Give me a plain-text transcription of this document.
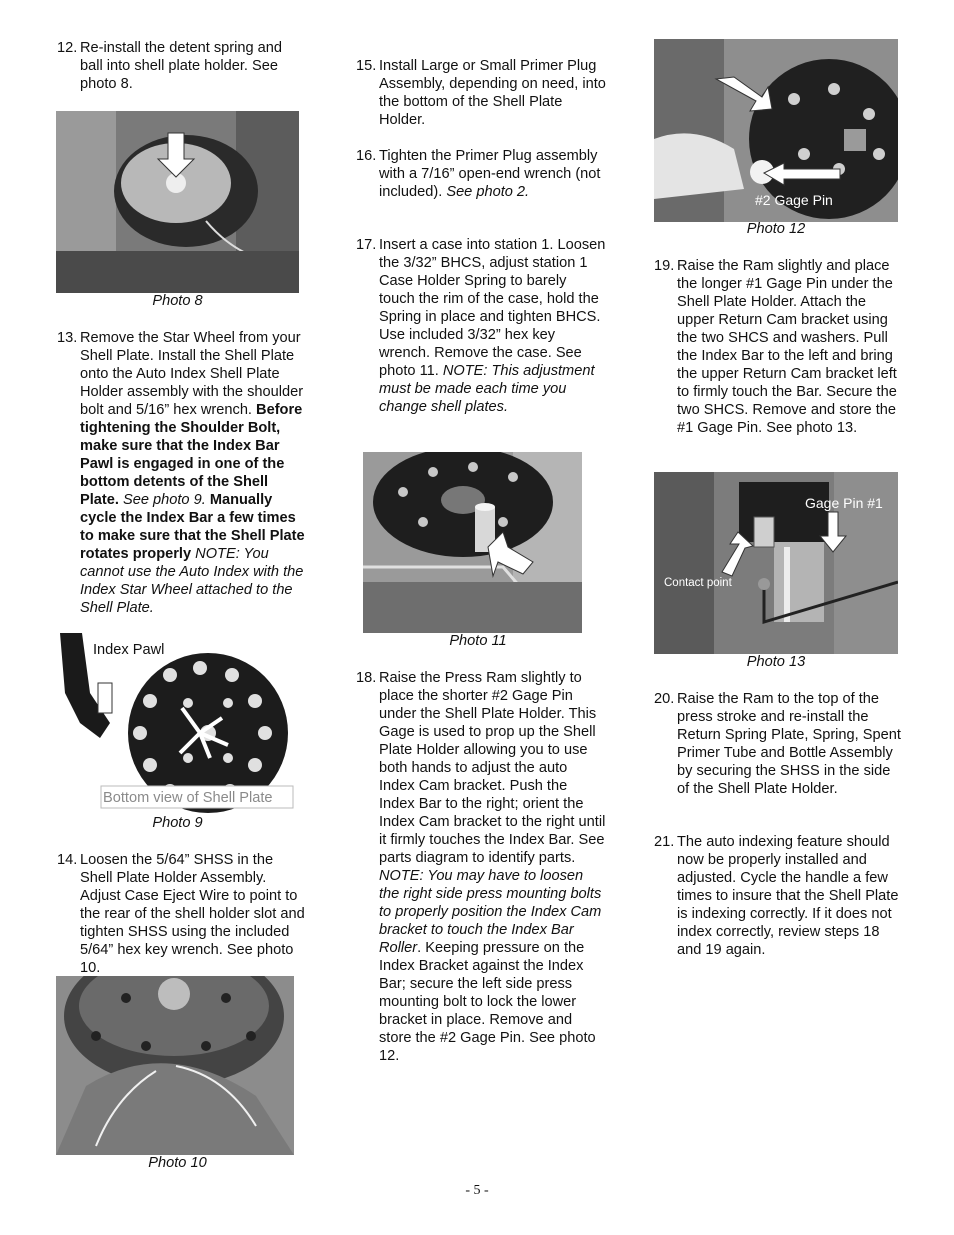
12. Re-install the detent spring and ball into shell plate holder. See photo 8.
Photo 8
13. Remove the Star Wheel from your Shell Plate. Install the Shell Plate onto the Auto Index Shell Plate Holder assembly with the shoulder bolt and 5/16” hex wrench. Before tightening the Shoulder Bolt, make sure that the Index Bar Pawl is engaged in one of the bottom detents of the Shell Plate. See photo 9. Manually cycle the Index Bar a few times to make sure that the Shell Plate rotates properly NOTE: You cannot use the Auto Index with the Index Star Wheel attached to the Shell Plate.
Index Pawl
Bottom view of Shell Plate
Photo 9
14. Loosen the 5/64” SHSS in the Shell Plate Holder Assembly. Adjust Case Eject Wire to point to the rear of the shell holder slot and tighten SHSS using the included 5/64” hex key wrench. See photo 10.
Photo 10
15. Install Large or Small Primer Plug Assembly, depending on need, into the bottom of the Shell Plate Holder.
16. Tighten the Primer Plug assembly with a 7/16” open-end wrench (not included). See photo 2.
17. Insert a case into station 1. Loosen the 3/32” BHCS, adjust station 1 Case Holder Spring to barely touch the rim of the case, hold the Spring in place and tighten BHCS. Use included 3/32” hex key wrench. Remove the case. See photo 11. NOTE: This adjustment must be made each time you change shell plates.
Photo 11
18. Raise the Press Ram slightly to place the shorter #2 Gage Pin under the Shell Plate Holder. This Gage is used to prop up the Shell Plate Holder allowing you to use both hands to adjust the auto Index Cam bracket. Push the Index Bar to the right; orient the Index Cam bracket to the right until it firmly touches the Index Bar. See parts diagram to identify parts. NOTE: You may have to loosen the right side press mounting bolts to properly position the Index Cam bracket to touch the Index Bar Roller. Keeping pressure on the Index Bracket against the Index Bar; secure the left side press mounting bolt to lock the lower bracket in place. Remove and store the #2 Gage Pin. See photo 12.
#2 Gage Pin
Photo 12
19. Raise the Ram slightly and place the longer #1 Gage Pin under the Shell Plate Holder. Attach the upper Return Cam bracket using the two SHCS and washers. Pull the Index Bar to the left and bring the upper Return Cam bracket left to firmly touch the Bar. Secure the two SHCS. Remove and store the #1 Gage Pin. See photo 13.
Gage Pin #1
Contact point
Photo 13
20. Raise the Ram to the top of the press stroke and re-install the Return Spring Plate, Spring, Spent Primer Tube and Bottle Assembly by securing the SHSS in the side of the Shell Plate Holder.
21. The auto indexing feature should now be properly installed and adjusted. Cycle the handle a few times to insure that the Shell Plate is indexing correctly. If it does not index correctly, review steps 18 and 19 again.
- 5 -
